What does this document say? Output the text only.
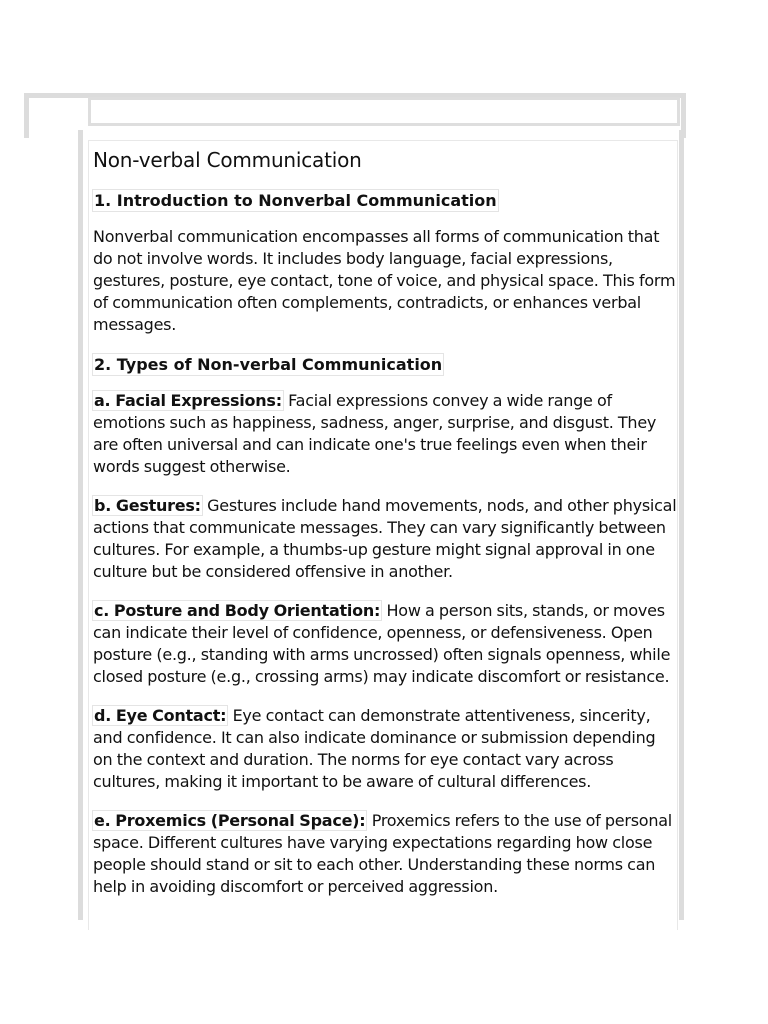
Non-verbal Communication
1. Introduction to Nonverbal Communication

Nonverbal communication encompasses all forms of communication that do not involve words. It includes body language, facial expressions, gestures, posture, eye contact, tone of voice, and physical space. This form of communication often complements, contradicts, or enhances verbal messages.

2. Types of Non-verbal Communication

a. Facial Expressions: Facial expressions convey a wide range of emotions such as happiness, sadness, anger, surprise, and disgust. They are often universal and can indicate one's true feelings even when their words suggest otherwise.

b. Gestures: Gestures include hand movements, nods, and other physical actions that communicate messages. They can vary significantly between cultures. For example, a thumbs-up gesture might signal approval in one culture but be considered offensive in another.

c. Posture and Body Orientation: How a person sits, stands, or moves can indicate their level of confidence, openness, or defensiveness. Open posture (e.g., standing with arms uncrossed) often signals openness, while closed posture (e.g., crossing arms) may indicate discomfort or resistance.

d. Eye Contact: Eye contact can demonstrate attentiveness, sincerity, and confidence. It can also indicate dominance or submission depending on the context and duration. The norms for eye contact vary across cultures, making it important to be aware of cultural differences.

e. Proxemics (Personal Space): Proxemics refers to the use of personal space. Different cultures have varying expectations regarding how close people should stand or sit to each other. Understanding these norms can help in avoiding discomfort or perceived aggression.
